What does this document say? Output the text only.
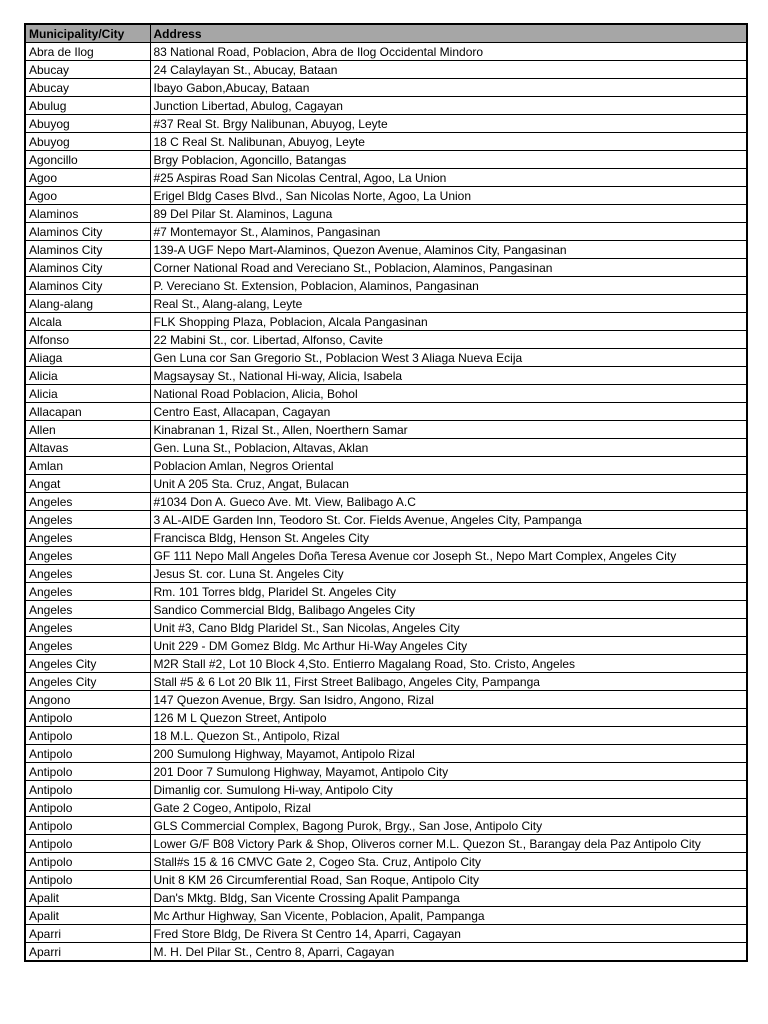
Municipality/City	Address
Abra de Ilog	83 National Road, Poblacion, Abra de Ilog Occidental Mindoro
Abucay	24 Calaylayan St., Abucay, Bataan
Abucay	Ibayo Gabon,Abucay, Bataan
Abulug	Junction Libertad, Abulog, Cagayan
Abuyog	#37 Real St. Brgy Nalibunan, Abuyog, Leyte
Abuyog	18 C Real St. Nalibunan, Abuyog, Leyte
Agoncillo	Brgy Poblacion, Agoncillo, Batangas
Agoo	#25 Aspiras Road San Nicolas Central, Agoo, La Union
Agoo	Erigel Bldg Cases Blvd., San Nicolas Norte, Agoo, La Union
Alaminos	89 Del Pilar St. Alaminos, Laguna
Alaminos City	#7 Montemayor St., Alaminos, Pangasinan
Alaminos City	139-A UGF Nepo Mart-Alaminos, Quezon Avenue, Alaminos City, Pangasinan
Alaminos City	Corner National Road and Vereciano St., Poblacion, Alaminos, Pangasinan
Alaminos City	P. Vereciano St. Extension, Poblacion, Alaminos, Pangasinan
Alang-alang	Real St., Alang-alang, Leyte
Alcala	FLK Shopping Plaza, Poblacion, Alcala Pangasinan
Alfonso	22 Mabini St., cor. Libertad, Alfonso, Cavite
Aliaga	Gen Luna cor San Gregorio St., Poblacion West 3 Aliaga Nueva Ecija
Alicia	Magsaysay St., National Hi-way, Alicia, Isabela
Alicia	National Road Poblacion, Alicia, Bohol
Allacapan	Centro East, Allacapan, Cagayan
Allen	Kinabranan 1, Rizal St., Allen, Noerthern Samar
Altavas	Gen. Luna St., Poblacion, Altavas, Aklan
Amlan	Poblacion Amlan, Negros Oriental
Angat	Unit A 205 Sta. Cruz, Angat, Bulacan
Angeles	#1034 Don A. Gueco Ave. Mt. View, Balibago A.C
Angeles	3 AL-AIDE Garden Inn, Teodoro St. Cor. Fields Avenue, Angeles City, Pampanga
Angeles	Francisca Bldg, Henson St. Angeles City
Angeles	GF 111 Nepo Mall Angeles Doña Teresa Avenue cor Joseph St., Nepo Mart Complex, Angeles City
Angeles	Jesus St. cor. Luna St. Angeles City
Angeles	Rm. 101 Torres bldg, Plaridel St. Angeles City
Angeles	Sandico Commercial Bldg, Balibago Angeles City
Angeles	Unit #3, Cano Bldg Plaridel St., San Nicolas, Angeles City
Angeles	Unit 229 - DM Gomez Bldg. Mc Arthur Hi-Way Angeles City
Angeles City	M2R Stall #2, Lot 10 Block 4,Sto. Entierro Magalang Road, Sto. Cristo, Angeles
Angeles City	Stall #5 & 6 Lot 20 Blk 11, First Street Balibago, Angeles City, Pampanga
Angono	147 Quezon Avenue, Brgy. San Isidro, Angono, Rizal
Antipolo	126 M L Quezon Street, Antipolo
Antipolo	18 M.L. Quezon St., Antipolo, Rizal
Antipolo	200 Sumulong Highway, Mayamot, Antipolo Rizal
Antipolo	201 Door 7 Sumulong Highway, Mayamot, Antipolo City
Antipolo	Dimanlig cor. Sumulong Hi-way, Antipolo City
Antipolo	Gate 2 Cogeo, Antipolo, Rizal
Antipolo	GLS Commercial Complex, Bagong Purok, Brgy., San Jose, Antipolo City
Antipolo	Lower G/F B08 Victory Park & Shop, Oliveros corner M.L. Quezon St., Barangay dela Paz Antipolo City
Antipolo	Stall#s 15 & 16 CMVC Gate 2, Cogeo Sta. Cruz, Antipolo City
Antipolo	Unit 8 KM 26 Circumferential Road, San Roque, Antipolo City
Apalit	Dan's Mktg. Bldg, San Vicente Crossing Apalit Pampanga
Apalit	Mc Arthur Highway, San Vicente, Poblacion, Apalit, Pampanga
Aparri	Fred Store Bldg, De Rivera St Centro 14, Aparri, Cagayan
Aparri	M. H. Del Pilar St., Centro 8, Aparri, Cagayan
